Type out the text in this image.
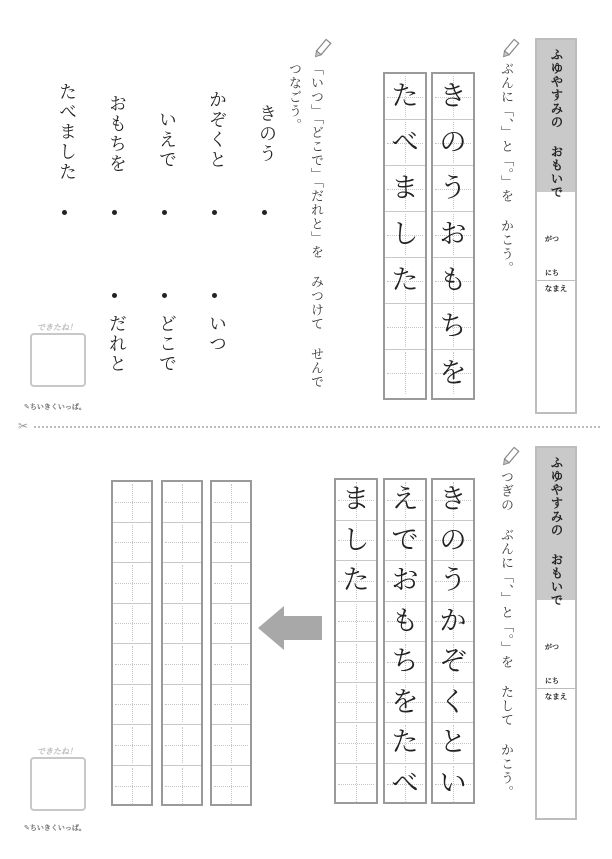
ふゆやすみの おもいで
がつ
にち
なまえ
ぶんに「、」と「。」を かこう。
き
の
う
お
も
ち
を
た
べ
ま
し
た
「いつ」「どこで」「だれと」を みつけて せんで
つなごう。
きのう
かぞくと
いえで
おもちを
たべました
いつ
どこで
だれと
できたね！
✎ちいきくいっぱ。
✂
ふゆやすみの おもいで
がつ
にち
なまえ
つぎの ぶんに「、」と「。」を たして かこう。
き
の
う
か
ぞ
く
と
い
え
で
お
も
ち
を
た
べ
ま
し
た
できたね！
✎ちいきくいっぱ。
